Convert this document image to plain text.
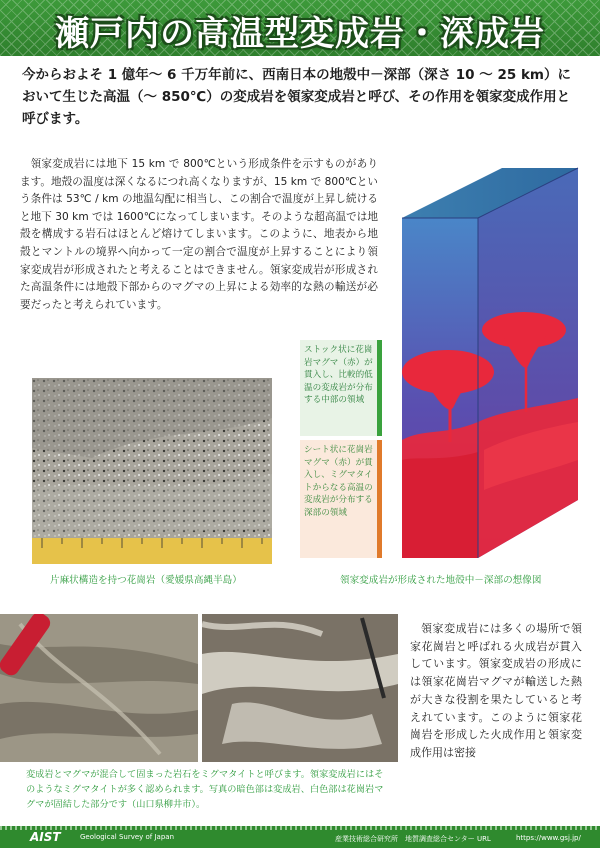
瀬戸内の高温型変成岩・深成岩

今からおよそ 1 億年～ 6 千万年前に、西南日本の地殻中－深部（深さ 10 ～ 25 km）において生じた高温（～ 850℃）の変成岩を領家変成岩と呼び、その作用を領家変成作用と呼びます。

領家変成岩には地下 15 km で 800℃という形成条件を示すものがあります。地殻の温度は深くなるにつれ高くなりますが、15 km で 800℃という条件は 53℃ / km の地温勾配に相当し、この割合で温度が上昇し続けると地下 30 km では 1600℃になってしまいます。そのような超高温では地殻を構成する岩石はほとんど熔けてしまいます。このように、地表から地殻とマントルの境界へ向かって一定の割合で温度が上昇することにより領家変成岩が形成されたと考えることはできません。領家変成岩が形成された高温条件には地殻下部からのマグマの上昇による効率的な熱の輸送が必要だったと考えられています。

ストック状に花崗岩マグマ（赤）が貫入し、比較的低温の変成岩が分布する中部の領域
シート状に花崗岩マグマ（赤）が貫入し、ミグマタイトからなる高温の変成岩が分布する深部の領域
片麻状構造を持つ花崗岩（愛媛県高縄半島）	領家変成岩が形成された地殻中－深部の想像図

領家変成岩には多くの場所で領家花崗岩と呼ばれる火成岩が貫入しています。領家変成岩の形成には領家花崗岩マグマが輸送した熱が大きな役割を果たしていると考えれています。このように領家花崗岩を形成した火成作用と領家変成作用は密接

変成岩とマグマが混合して固まった岩石をミグマタイトと呼びます。領家変成岩にはそのようなミグマタイトが多く認められます。写真の暗色部は変成岩、白色部は花崗岩マグマが固結した部分です（山口県柳井市）。

AIST	Geological Survey of Japan	産業技術総合研究所　地質調査総合センター URL	https://www.gsj.jp/
